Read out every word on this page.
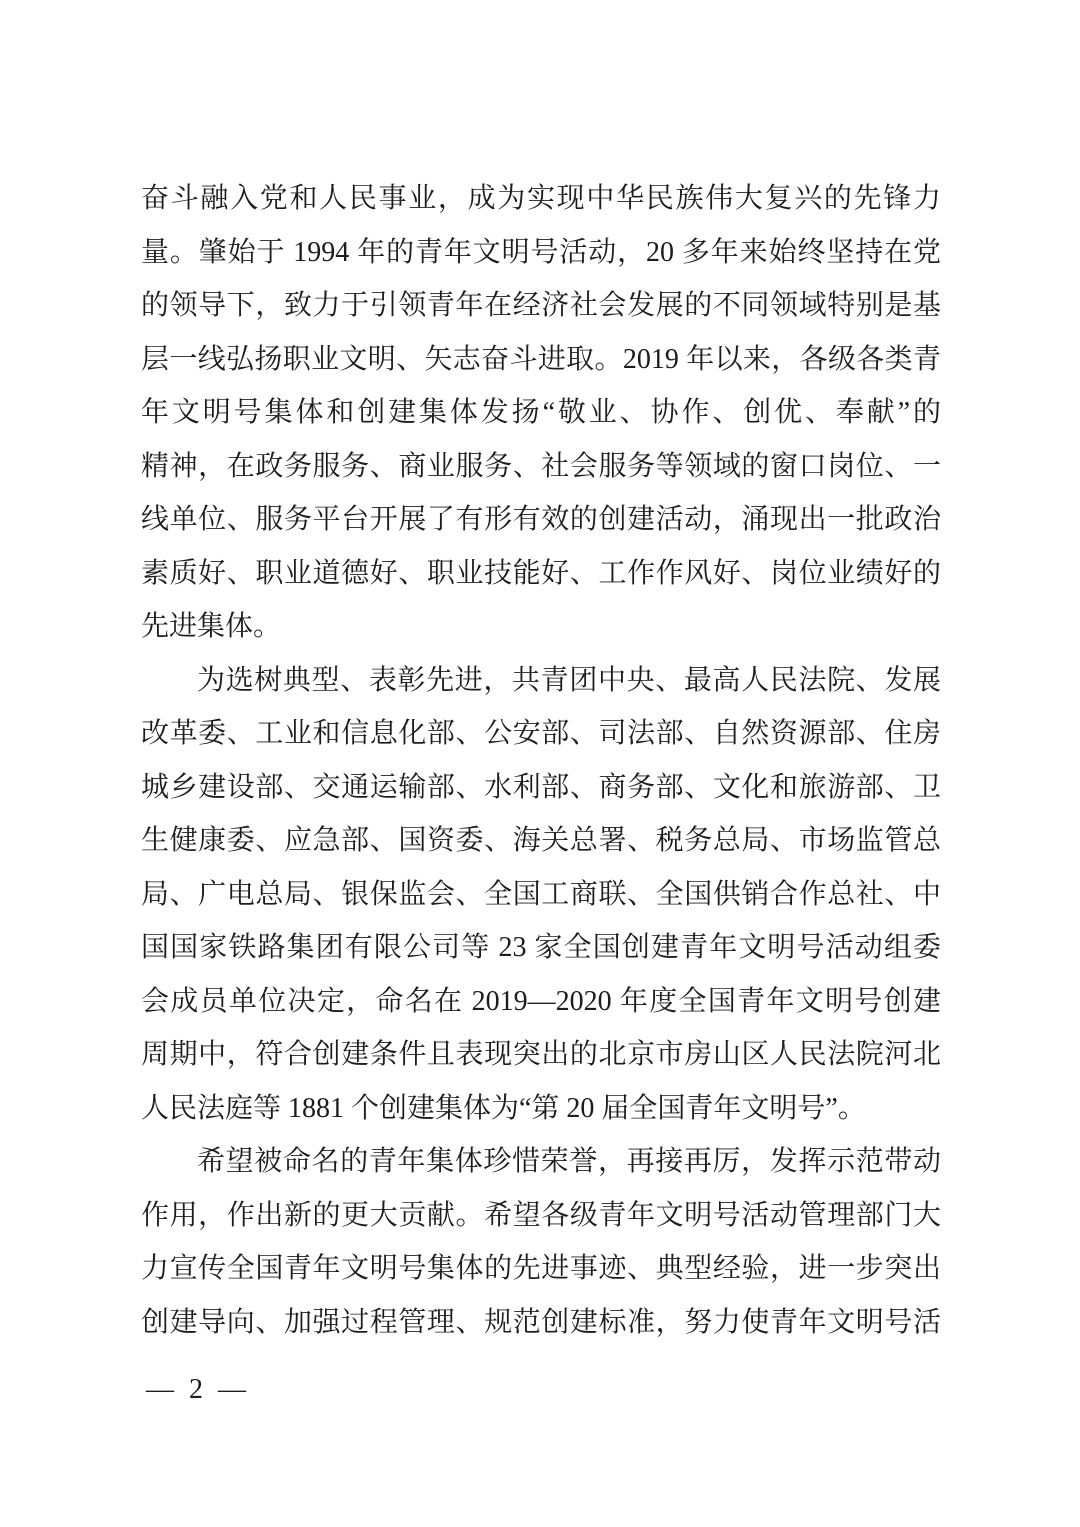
奋斗融入党和人民事业，成为实现中华民族伟大复兴的先锋力
量。肇始于 1994 年的青年文明号活动，20 多年来始终坚持在党
的领导下，致力于引领青年在经济社会发展的不同领域特别是基
层一线弘扬职业文明、矢志奋斗进取。2019 年以来，各级各类青
年文明号集体和创建集体发扬“敬业、协作、创优、奉献”的
精神，在政务服务、商业服务、社会服务等领域的窗口岗位、一
线单位、服务平台开展了有形有效的创建活动，涌现出一批政治
素质好、职业道德好、职业技能好、工作作风好、岗位业绩好的
先进集体。
为选树典型、表彰先进，共青团中央、最高人民法院、发展
改革委、工业和信息化部、公安部、司法部、自然资源部、住房
城乡建设部、交通运输部、水利部、商务部、文化和旅游部、卫
生健康委、应急部、国资委、海关总署、税务总局、市场监管总
局、广电总局、银保监会、全国工商联、全国供销合作总社、中
国国家铁路集团有限公司等 23 家全国创建青年文明号活动组委
会成员单位决定，命名在 2019—2020 年度全国青年文明号创建
周期中，符合创建条件且表现突出的北京市房山区人民法院河北
人民法庭等 1881 个创建集体为“第 20 届全国青年文明号”。
希望被命名的青年集体珍惜荣誉，再接再厉，发挥示范带动
作用，作出新的更大贡献。希望各级青年文明号活动管理部门大
力宣传全国青年文明号集体的先进事迹、典型经验，进一步突出
创建导向、加强过程管理、规范创建标准，努力使青年文明号活
— 2 —
